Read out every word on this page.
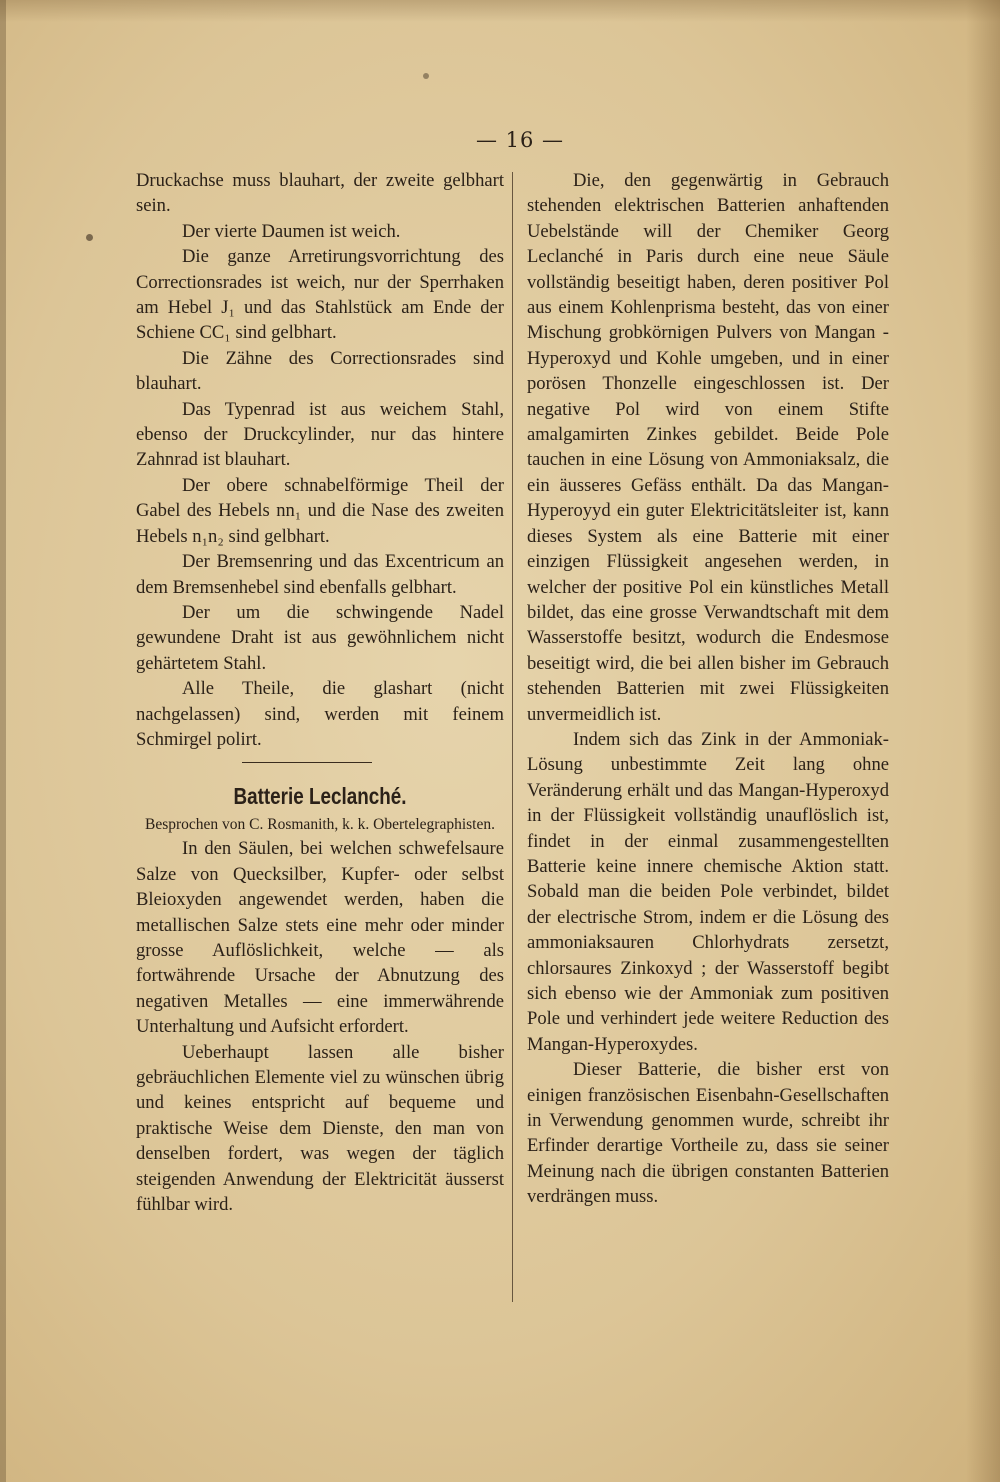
— 16 —

Druckachse muss blauhart, der zweite gelbhart sein.

Der vierte Daumen ist weich.

Die ganze Arretirungsvorrichtung des Correctionsrades ist weich, nur der Sperrhaken am Hebel J₁ und das Stahlstück am Ende der Schiene CC₁ sind gelbhart.

Die Zähne des Correctionsrades sind blauhart.

Das Typenrad ist aus weichem Stahl, ebenso der Druckcylinder, nur das hintere Zahnrad ist blauhart.

Der obere schnabelförmige Theil der Gabel des Hebels nn₁ und die Nase des zweiten Hebels n₁n₂ sind gelbhart.

Der Bremsenring und das Excentricum an dem Bremsenhebel sind ebenfalls gelbhart.

Der um die schwingende Nadel gewundene Draht ist aus gewöhnlichem nicht gehärtetem Stahl.

Alle Theile, die glashart (nicht nachgelassen) sind, werden mit feinem Schmirgel polirt.

Batterie Leclanché.
Besprochen von C. Rosmanith, k. k. Obertelegraphisten.

In den Säulen, bei welchen schwefelsaure Salze von Quecksilber, Kupfer- oder selbst Bleioxyden angewendet werden, haben die metallischen Salze stets eine mehr oder minder grosse Auflöslichkeit, welche — als fortwährende Ursache der Abnutzung des negativen Metalles — eine immerwährende Unterhaltung und Aufsicht erfordert.

Ueberhaupt lassen alle bisher gebräuchlichen Elemente viel zu wünschen übrig und keines entspricht auf bequeme und praktische Weise dem Dienste, den man von denselben fordert, was wegen der täglich steigenden Anwendung der Elektricität äusserst fühlbar wird.

Die, den gegenwärtig in Gebrauch stehenden elektrischen Batterien anhaftenden Uebelstände will der Chemiker Georg Leclanché in Paris durch eine neue Säule vollständig beseitigt haben, deren positiver Pol aus einem Kohlenprisma besteht, das von einer Mischung grobkörnigen Pulvers von Mangan - Hyperoxyd und Kohle umgeben, und in einer porösen Thonzelle eingeschlossen ist. Der negative Pol wird von einem Stifte amalgamirten Zinkes gebildet. Beide Pole tauchen in eine Lösung von Ammoniaksalz, die ein äusseres Gefäss enthält. Da das Mangan-Hyperoyyd ein guter Elektricitätsleiter ist, kann dieses System als eine Batterie mit einer einzigen Flüssigkeit angesehen werden, in welcher der positive Pol ein künstliches Metall bildet, das eine grosse Verwandtschaft mit dem Wasserstoffe besitzt, wodurch die Endesmose beseitigt wird, die bei allen bisher im Gebrauch stehenden Batterien mit zwei Flüssigkeiten unvermeidlich ist.

Indem sich das Zink in der Ammoniak-Lösung unbestimmte Zeit lang ohne Veränderung erhält und das Mangan-Hyperoxyd in der Flüssigkeit vollständig unauflöslich ist, findet in der einmal zusammengestellten Batterie keine innere chemische Aktion statt. Sobald man die beiden Pole verbindet, bildet der electrische Strom, indem er die Lösung des ammoniaksauren Chlorhydrats zersetzt, chlorsaures Zinkoxyd ; der Wasserstoff begibt sich ebenso wie der Ammoniak zum positiven Pole und verhindert jede weitere Reduction des Mangan-Hyperoxydes.

Dieser Batterie, die bisher erst von einigen französischen Eisenbahn-Gesellschaften in Verwendung genommen wurde, schreibt ihr Erfinder derartige Vortheile zu, dass sie seiner Meinung nach die übrigen constanten Batterien verdrängen muss.
